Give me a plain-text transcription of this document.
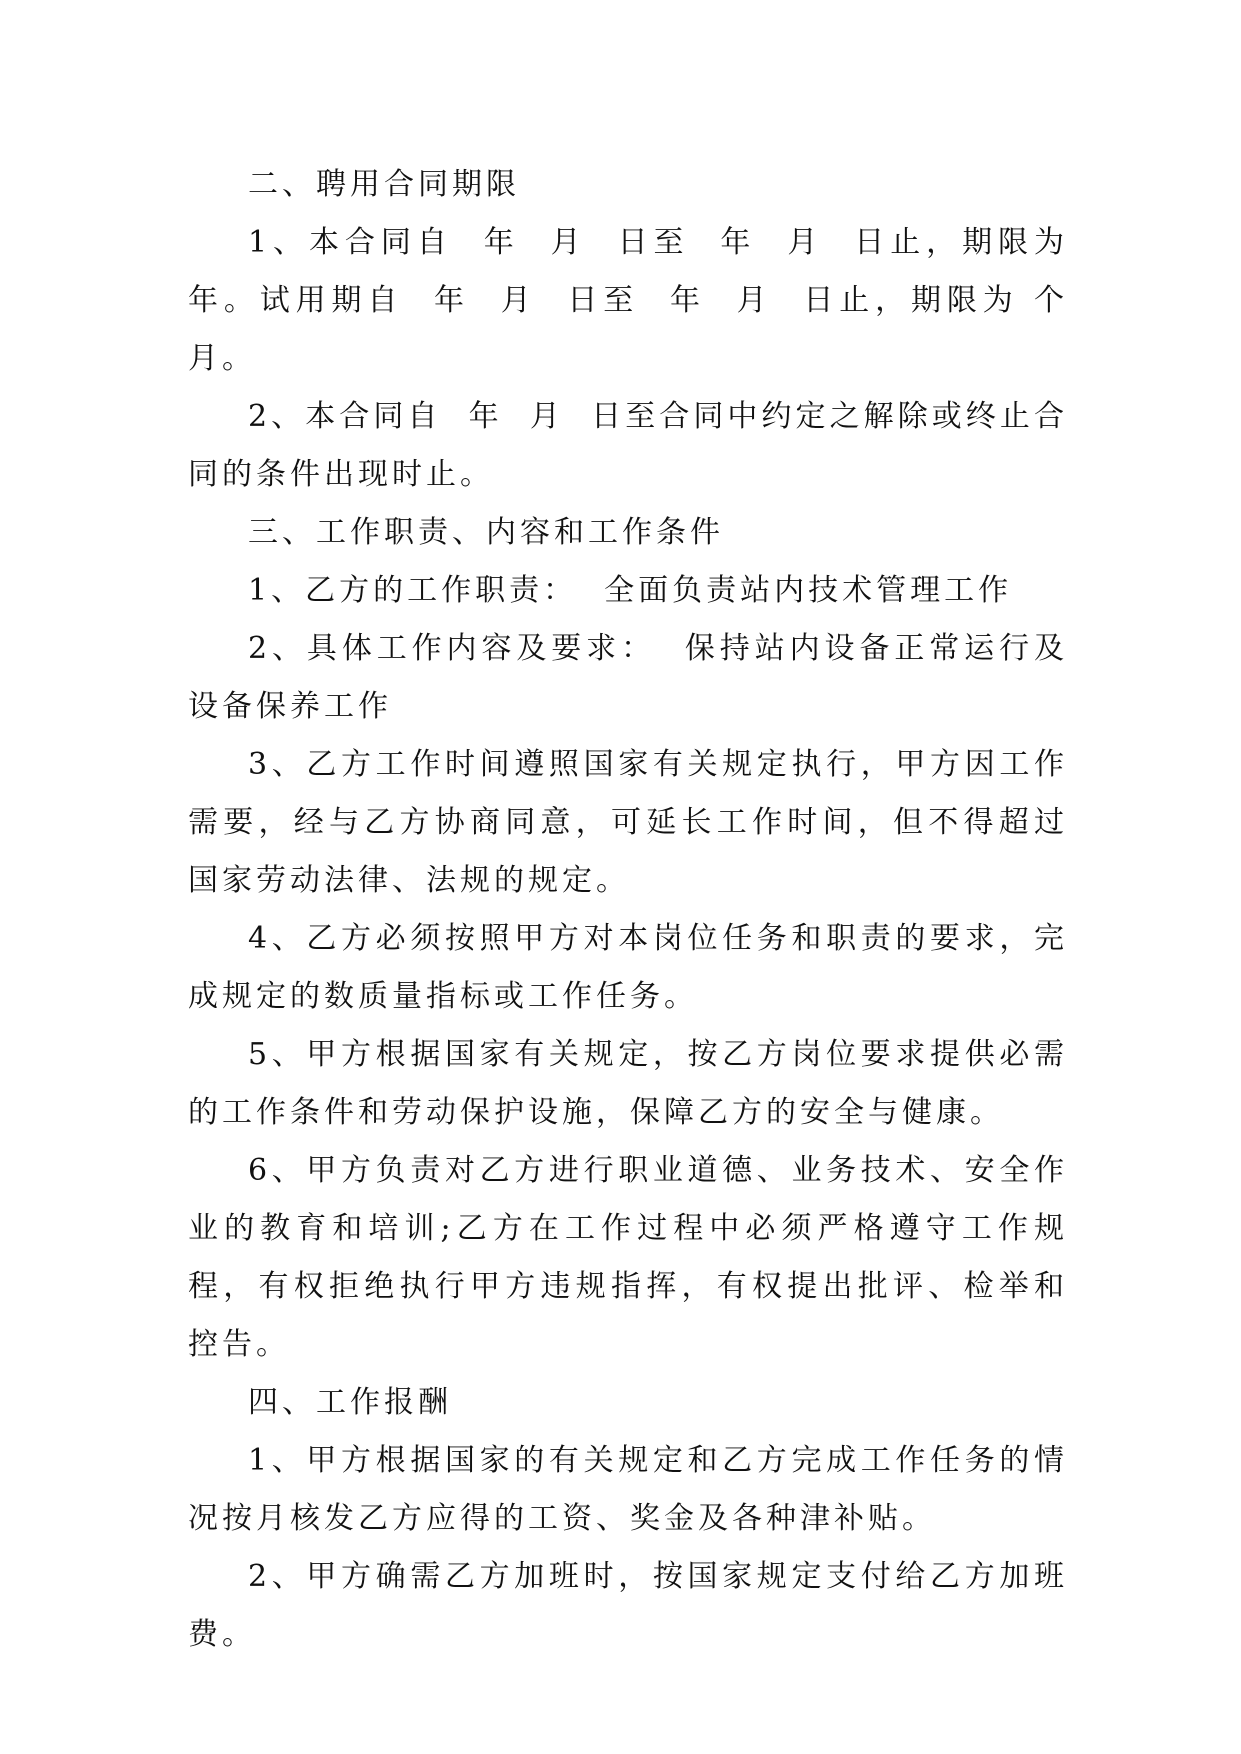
二、聘用合同期限

1、本合同自  年  月  日至  年  月  日止，期限为 年。试用期自  年  月  日至  年  月  日止，期限为 个月。

2、本合同自  年  月  日至合同中约定之解除或终止合同的条件出现时止。

三、工作职责、内容和工作条件

1、乙方的工作职责：  全面负责站内技术管理工作

2、具体工作内容及要求：  保持站内设备正常运行及设备保养工作

3、乙方工作时间遵照国家有关规定执行，甲方因工作需要，经与乙方协商同意，可延长工作时间，但不得超过国家劳动法律、法规的规定。

4、乙方必须按照甲方对本岗位任务和职责的要求，完成规定的数质量指标或工作任务。

5、甲方根据国家有关规定，按乙方岗位要求提供必需的工作条件和劳动保护设施，保障乙方的安全与健康。

6、甲方负责对乙方进行职业道德、业务技术、安全作业的教育和培训;乙方在工作过程中必须严格遵守工作规程，有权拒绝执行甲方违规指挥，有权提出批评、检举和控告。

四、工作报酬

1、甲方根据国家的有关规定和乙方完成工作任务的情况按月核发乙方应得的工资、奖金及各种津补贴。

2、甲方确需乙方加班时，按国家规定支付给乙方加班费。
